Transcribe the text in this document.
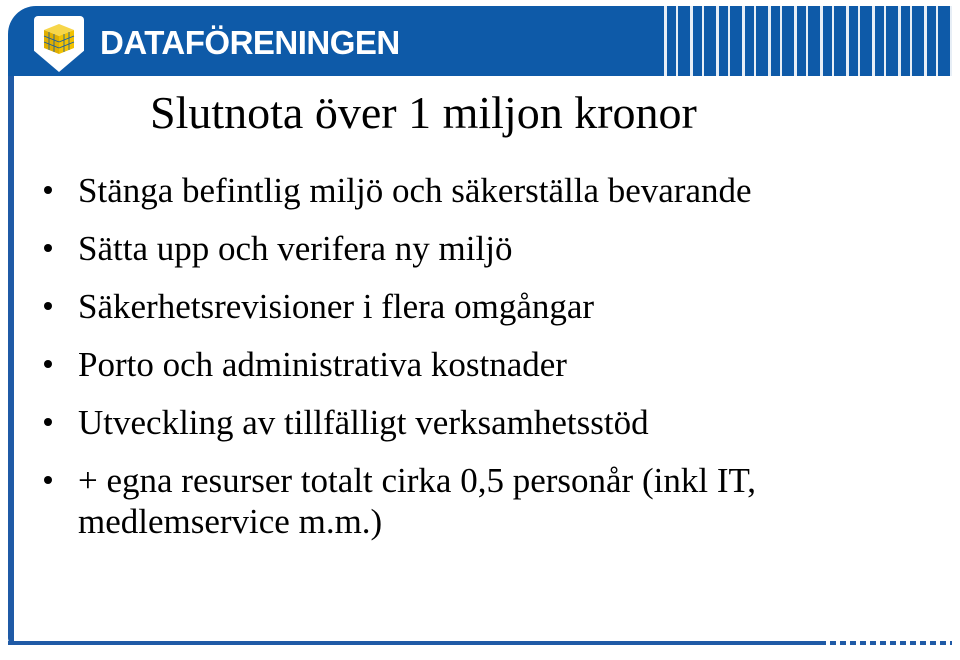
DATAFÖRENINGEN
Slutnota över 1 miljon kronor
Stänga befintlig miljö och säkerställa bevarande
Sätta upp och verifera ny miljö
Säkerhetsrevisioner i flera omgångar
Porto och administrativa kostnader
Utveckling av tillfälligt verksamhetsstöd
+ egna resurser totalt cirka 0,5 personår (inkl IT, medlemservice m.m.)
